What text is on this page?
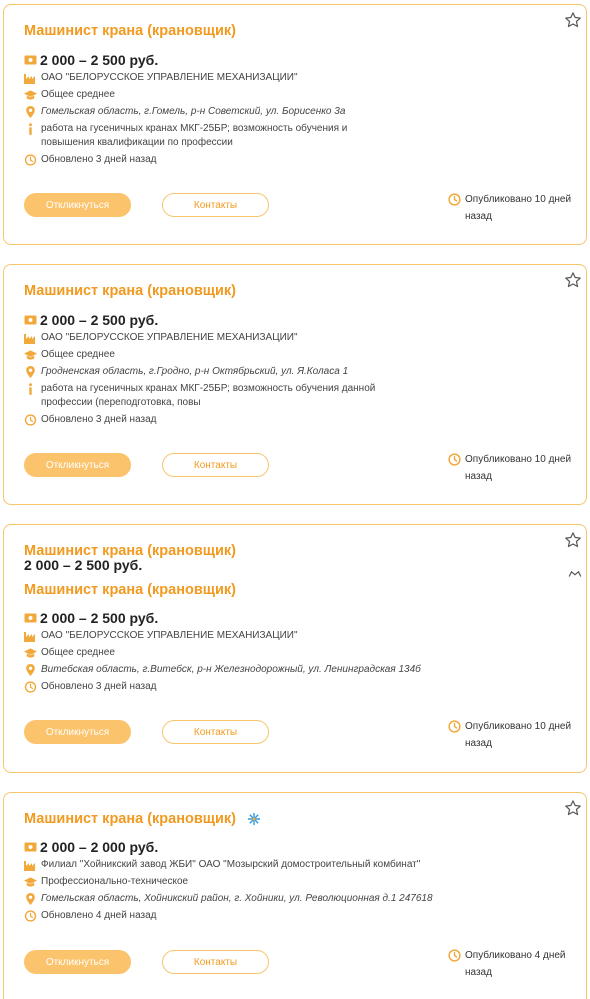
Машинист крана (крановщик)
2 000 – 2 500 руб.
ОАО "БЕЛОРУССКОЕ УПРАВЛЕНИЕ МЕХАНИЗАЦИИ"
Общее среднее
Гомельская область, г.Гомель, р-н Советский, ул. Борисенко 3а
работа на гусеничных кранах МКГ-25БР; возможность обучения и повышения квалификации по профессии
Обновлено 3 дней назад
Откликнуться	Контакты	Опубликовано 10 дней назад
Машинист крана (крановщик)
2 000 – 2 500 руб.
ОАО "БЕЛОРУССКОЕ УПРАВЛЕНИЕ МЕХАНИЗАЦИИ"
Общее среднее
Гродненская область, г.Гродно, р-н Октябрьский, ул. Я.Коласа 1
работа на гусеничных кранах МКГ-25БР; возможность обучения данной профессии (переподготовка, повы
Обновлено 3 дней назад
Откликнуться	Контакты	Опубликовано 10 дней назад
Машинист крана (крановщик)
2 000 – 2 500 руб.
Машинист крана (крановщик)
2 000 – 2 500 руб.
ОАО "БЕЛОРУССКОЕ УПРАВЛЕНИЕ МЕХАНИЗАЦИИ"
Общее среднее
Витебская область, г.Витебск, р-н Железнодорожный, ул. Ленинградская 134б
Обновлено 3 дней назад
Откликнуться	Контакты	Опубликовано 10 дней назад
Машинист крана (крановщик)
2 000 – 2 000 руб.
Филиал "Хойникский завод ЖБИ" ОАО "Мозырский домостроительный комбинат"
Профессионально-техническое
Гомельская область, Хойникский район, г. Хойники, ул. Революционная д.1 247618
Обновлено 4 дней назад
Откликнуться	Контакты
Опубликовано 4 дней назад
